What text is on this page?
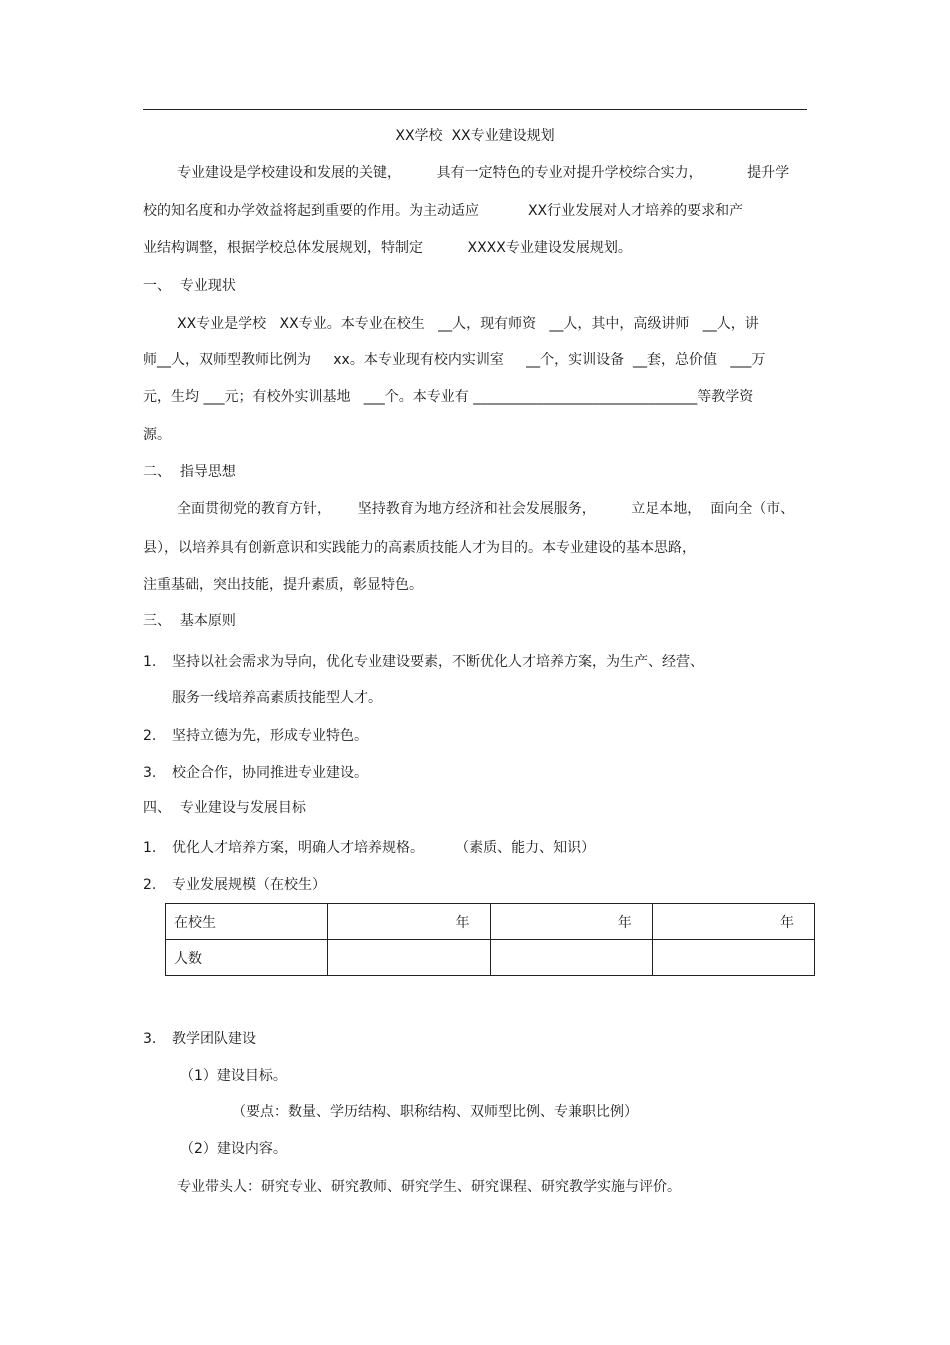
XX学校  XX专业建设规划
专业建设是学校建设和发展的关键，        具有一定特色的专业对提升学校综合实力，          提升学
校的知名度和办学效益将起到重要的作用。为主动适应           XX行业发展对人才培养的要求和产
业结构调整，根据学校总体发展规划，特制定          XXXX专业建设发展规划。
一、  专业现状
XX专业是学校   XX专业。本专业在校生   __人，现有师资   __人，其中，高级讲师   __人，讲
师__人，双师型教师比例为     xx。本专业现有校内实训室     __个，实训设备  __套，总价值   ___万
元，生均 ___元；有校外实训基地   ___个。本专业有 ________________________________等教学资
源。
二、  指导思想
全面贯彻党的教育方针，      坚持教育为地方经济和社会发展服务，        立足本地，  面向全（市、
县），以培养具有创新意识和实践能力的高素质技能人才为目的。本专业建设的基本思路，
注重基础，突出技能，提升素质，彰显特色。
三、  基本原则
1. 坚持以社会需求为导向，优化专业建设要素，不断优化人才培养方案，为生产、经营、
服务一线培养高素质技能型人才。
2. 坚持立德为先，形成专业特色。
3. 校企合作，协同推进专业建设。
四、  专业建设与发展目标
1. 优化人才培养方案，明确人才培养规格。       （素质、能力、知识）
2. 专业发展规模（在校生）
在校生	年	年	年
人数			
3. 教学团队建设
（1）建设目标。
（要点：数量、学历结构、职称结构、双师型比例、专兼职比例）
（2）建设内容。
专业带头人：研究专业、研究教师、研究学生、研究课程、研究教学实施与评价。
